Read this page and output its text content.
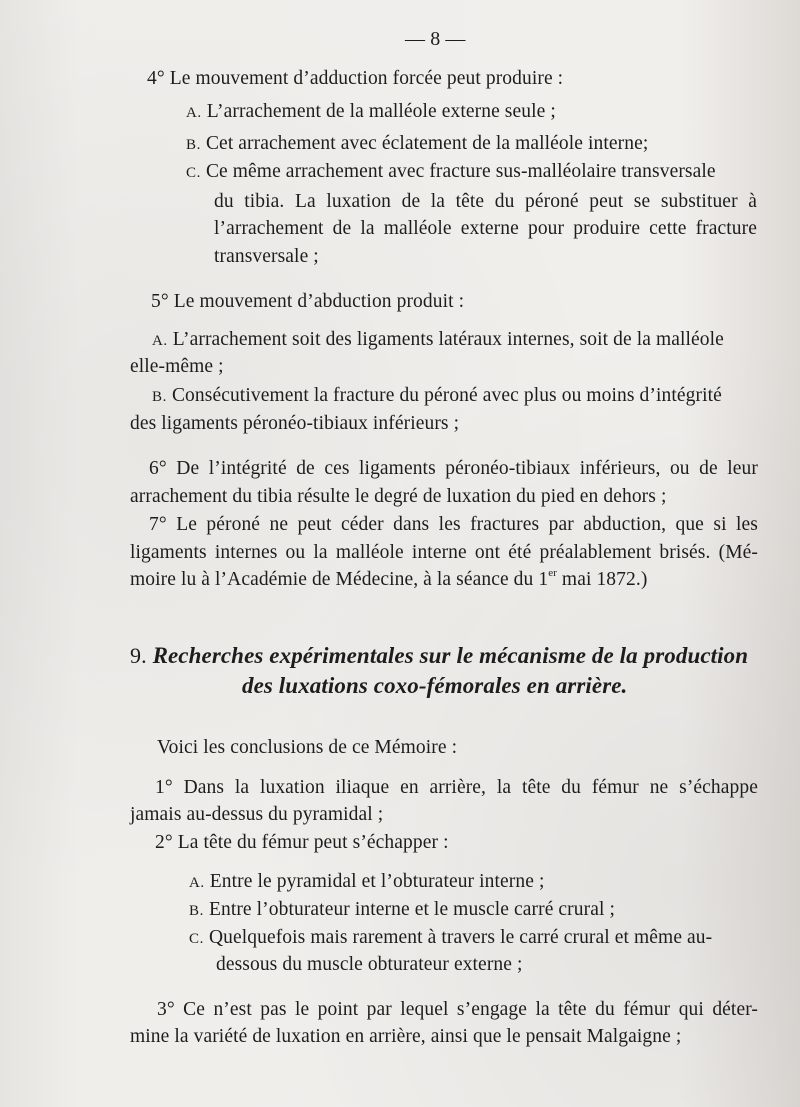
— 8 —
4° Le mouvement d’adduction forcée peut produire :
A. L’arrachement de la malléole externe seule ;
B. Cet arrachement avec éclatement de la malléole interne;
C. Ce même arrachement avec fracture sus-malléolaire transversale
du tibia. La luxation de la tête du péroné peut se substituer à
l’arrachement de la malléole externe pour produire cette fracture
transversale ;
5° Le mouvement d’abduction produit :
A. L’arrachement soit des ligaments latéraux internes, soit de la malléole
elle-même ;
B. Consécutivement la fracture du péroné avec plus ou moins d’intégrité
des ligaments péronéo-tibiaux inférieurs ;
6° De l’intégrité de ces ligaments péronéo-tibiaux inférieurs, ou de leur
arrachement du tibia résulte le degré de luxation du pied en dehors ;
7° Le péroné ne peut céder dans les fractures par abduction, que si les
ligaments internes ou la malléole interne ont été préalablement brisés. (Mé-
moire lu à l’Académie de Médecine, à la séance du 1er mai 1872.)
9. Recherches expérimentales sur le mécanisme de la production
des luxations coxo-fémorales en arrière.
Voici les conclusions de ce Mémoire :
1° Dans la luxation iliaque en arrière, la tête du fémur ne s’échappe
jamais au-dessus du pyramidal ;
2° La tête du fémur peut s’échapper :
A. Entre le pyramidal et l’obturateur interne ;
B. Entre l’obturateur interne et le muscle carré crural ;
C. Quelquefois mais rarement à travers le carré crural et même au-
dessous du muscle obturateur externe ;
3° Ce n’est pas le point par lequel s’engage la tête du fémur qui déter-
mine la variété de luxation en arrière, ainsi que le pensait Malgaigne ;
